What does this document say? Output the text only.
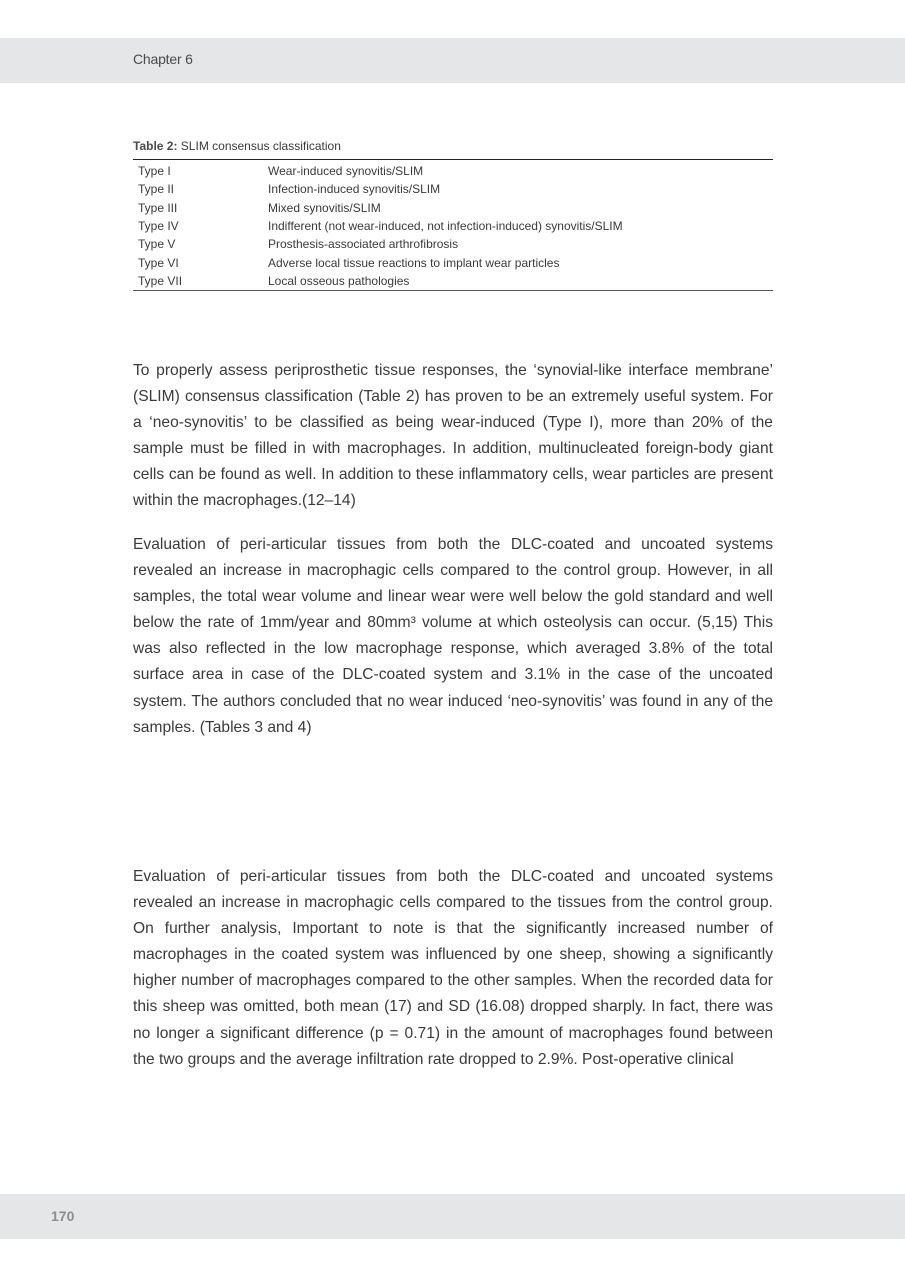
Chapter 6
Table 2: SLIM consensus classification
Type I	Wear-induced synovitis/SLIM
Type II	Infection-induced synovitis/SLIM
Type III	Mixed synovitis/SLIM
Type IV	Indifferent (not wear-induced, not infection-induced) synovitis/SLIM
Type V	Prosthesis-associated arthrofibrosis
Type VI	Adverse local tissue reactions to implant wear particles
Type VII	Local osseous pathologies

To properly assess periprosthetic tissue responses, the ‘synovial-like interface membrane’ (SLIM) consensus classification (Table 2) has proven to be an extremely useful system. For a ‘neo-synovitis’ to be classified as being wear-induced (Type I), more than 20% of the sample must be filled in with macrophages. In addition, multinucleated foreign-body giant cells can be found as well. In addition to these inflammatory cells, wear particles are present within the macrophages.(12–14)

Evaluation of peri-articular tissues from both the DLC-coated and uncoated systems revealed an increase in macrophagic cells compared to the control group. However, in all samples, the total wear volume and linear wear were well below the gold standard and well below the rate of 1mm/year and 80mm³ volume at which osteolysis can occur. (5,15) This was also reflected in the low macrophage response, which averaged 3.8% of the total surface area in case of the DLC-coated system and 3.1% in the case of the uncoated system. The authors concluded that no wear induced ‘neo-synovitis’ was found in any of the samples. (Tables 3 and 4)

Evaluation of peri-articular tissues from both the DLC-coated and uncoated systems revealed an increase in macrophagic cells compared to the tissues from the control group. On further analysis, Important to note is that the significantly increased number of macrophages in the coated system was influenced by one sheep, showing a significantly higher number of macrophages compared to the other samples. When the recorded data for this sheep was omitted, both mean (17) and SD (16.08) dropped sharply. In fact, there was no longer a significant difference (p = 0.71) in the amount of macrophages found between the two groups and the average infiltration rate dropped to 2.9%. Post-operative clinical

170
